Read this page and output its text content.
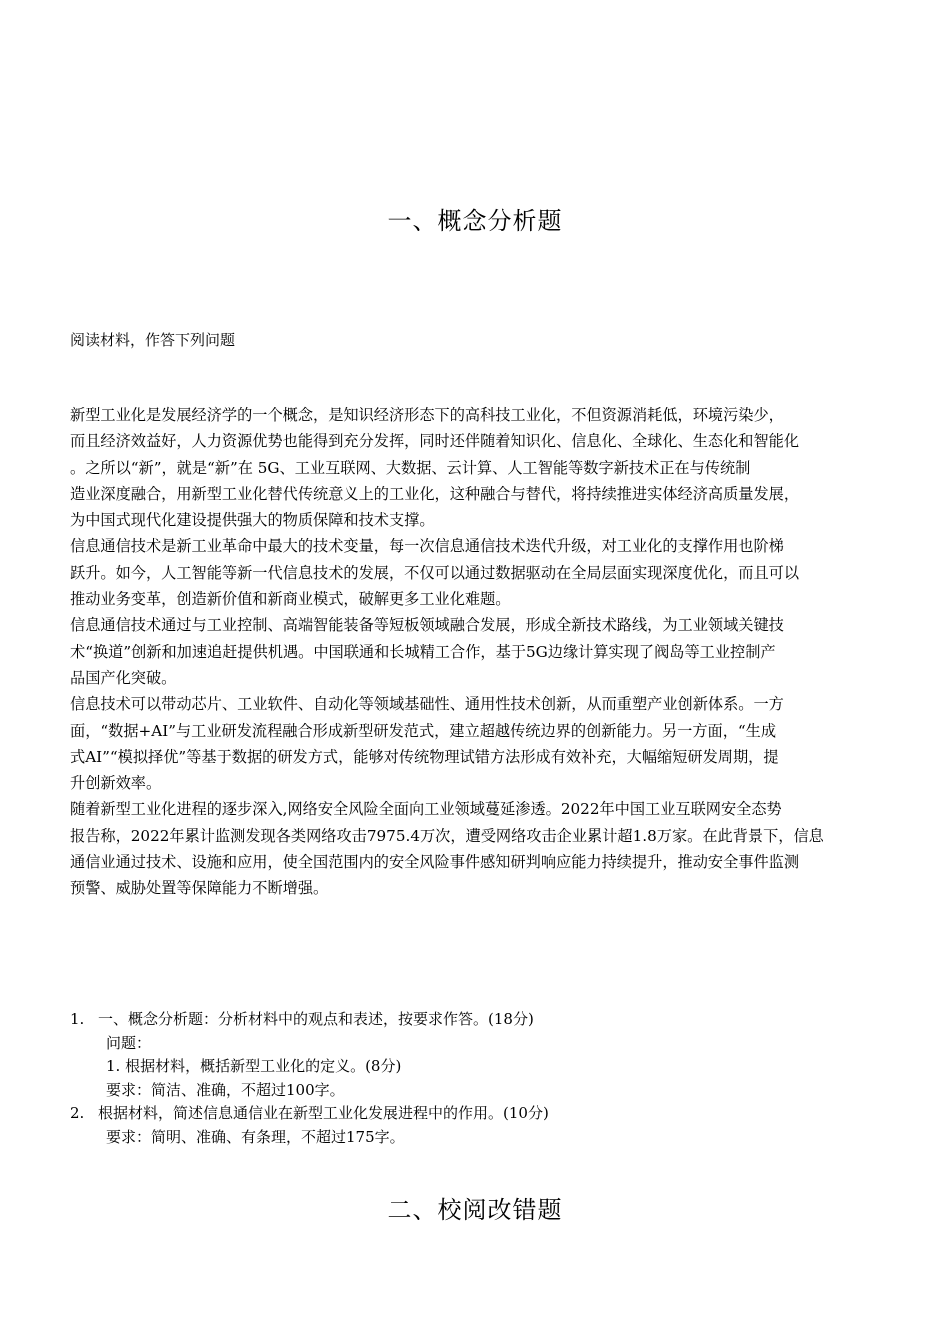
一、概念分析题
阅读材料，作答下列问题
新型工业化是发展经济学的一个概念，是知识经济形态下的高科技工业化，不但资源消耗低，环境污染少，
而且经济效益好，人力资源优势也能得到充分发挥，同时还伴随着知识化、信息化、全球化、生态化和智能化
。之所以“新”，就是“新”在 5G、工业互联网、大数据、云计算、人工智能等数字新技术正在与传统制
造业深度融合，用新型工业化替代传统意义上的工业化，这种融合与替代，将持续推进实体经济高质量发展，
为中国式现代化建设提供强大的物质保障和技术支撑。
信息通信技术是新工业革命中最大的技术变量，每一次信息通信技术迭代升级，对工业化的支撑作用也阶梯
跃升。如今，人工智能等新一代信息技术的发展，不仅可以通过数据驱动在全局层面实现深度优化，而且可以
推动业务变革，创造新价值和新商业模式，破解更多工业化难题。
信息通信技术通过与工业控制、高端智能装备等短板领域融合发展，形成全新技术路线，为工业领域关键技
术“换道”创新和加速追赶提供机遇。中国联通和长城精工合作，基于5G边缘计算实现了阀岛等工业控制产
品国产化突破。
信息技术可以带动芯片、工业软件、自动化等领域基础性、通用性技术创新，从而重塑产业创新体系。一方
面，“数据+AI”与工业研发流程融合形成新型研发范式，建立超越传统边界的创新能力。另一方面，“生成
式AI”“模拟择优”等基于数据的研发方式，能够对传统物理试错方法形成有效补充，大幅缩短研发周期，提
升创新效率。
随着新型工业化进程的逐步深入,网络安全风险全面向工业领域蔓延渗透。2022年中国工业互联网安全态势
报告称，2022年累计监测发现各类网络攻击7975.4万次，遭受网络攻击企业累计超1.8万家。在此背景下，信息
通信业通过技术、设施和应用，使全国范围内的安全风险事件感知研判响应能力持续提升，推动安全事件监测
预警、威胁处置等保障能力不断增强。
1. 一、概念分析题：分析材料中的观点和表述，按要求作答。(18分)
问题：
1. 根据材料，概括新型工业化的定义。(8分)
要求：简洁、准确，不超过100字。
2. 根据材料，简述信息通信业在新型工业化发展进程中的作用。(10分)
要求：简明、准确、有条理，不超过175字。
二、校阅改错题
